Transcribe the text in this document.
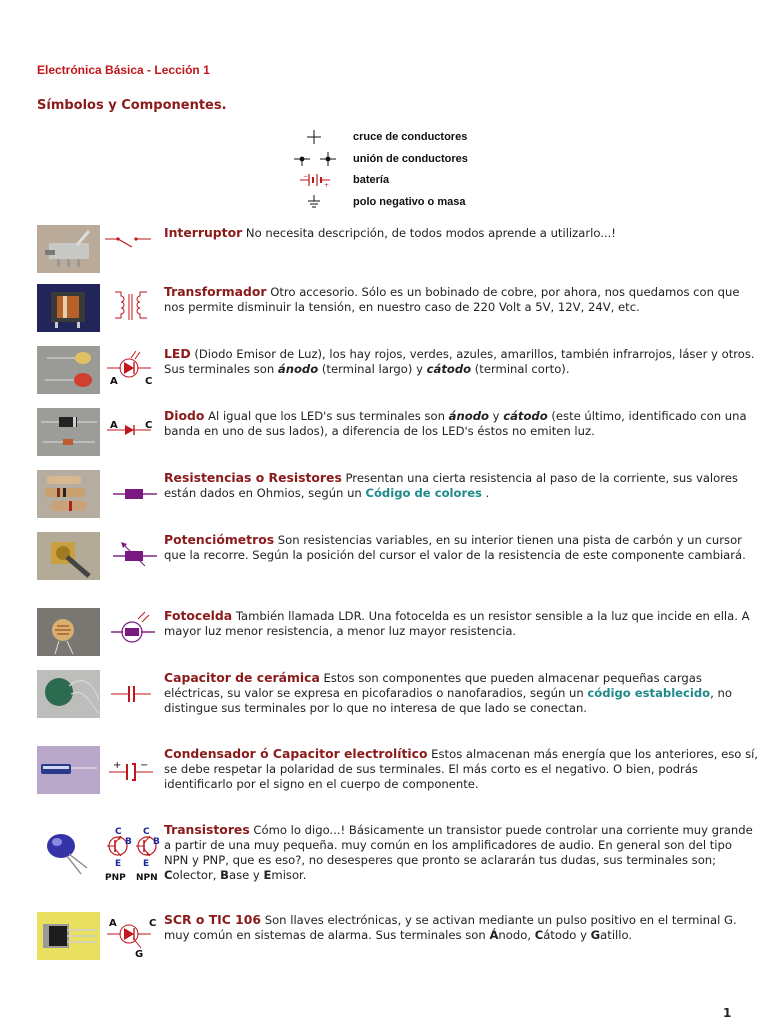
Electrónica Básica - Lección 1
Símbolos y Componentes.
cruce de conductores
unión de conductores
−
+ batería
polo negativo o masa
Interruptor No necesita descripción, de todos modos aprende a utilizarlo...!
Transformador Otro accesorio. Sólo es un bobinado de cobre, por ahora, nos quedamos con que nos permite disminuir la tensión, en nuestro caso de 220 Volt a 5V, 12V, 24V, etc.
A	C
LED (Diodo Emisor de Luz), los hay rojos, verdes, azules, amarillos, también infrarrojos, láser y otros. Sus terminales son ánodo (terminal largo) y cátodo (terminal corto).
A	C
Diodo Al igual que los LED's sus terminales son ánodo y cátodo (este último, identificado con una banda en uno de sus lados), a diferencia de los LED's éstos no emiten luz.
Resistencias o Resistores Presentan una cierta resistencia al paso de la corriente, sus valores están dados en Ohmios, según un Código de colores .
Potenciómetros Son resistencias variables, en su interior tienen una pista de carbón y un cursor que la recorre. Según la posición del cursor el valor de la resistencia de este componente cambiará.
Fotocelda También llamada LDR. Una fotocelda es un resistor sensible a la luz que incide en ella. A mayor luz menor resistencia, a menor luz mayor resistencia.
Capacitor de cerámica Estos son componentes que pueden almacenar pequeñas cargas eléctricas, su valor se expresa en picofaradios o nanofaradios, según un código establecido, no distingue sus terminales por lo que no interesa de que lado se conectan.
+ −
Condensador ó Capacitor electrolítico Estos almacenan más energía que los anteriores, eso sí, se debe respetar la polaridad de sus terminales. El más corto es el negativo. O bien, podrás identificarlo por el signo en el cuerpo de componente.
C
B
E
C
B
E
PNP NPN
Transistores Cómo lo digo...! Básicamente un transistor puede controlar una corriente muy grande a partir de una muy pequeña. muy común en los amplificadores de audio. En general son del tipo NPN y PNP, que es eso?, no desesperes que pronto se aclararán tus dudas, sus terminales son; Colector, Base y Emisor.
A	C
G
SCR o TIC 106 Son llaves electrónicas, y se activan mediante un pulso positivo en el terminal G. muy común en sistemas de alarma. Sus terminales son Ánodo, Cátodo y Gatillo.
1
